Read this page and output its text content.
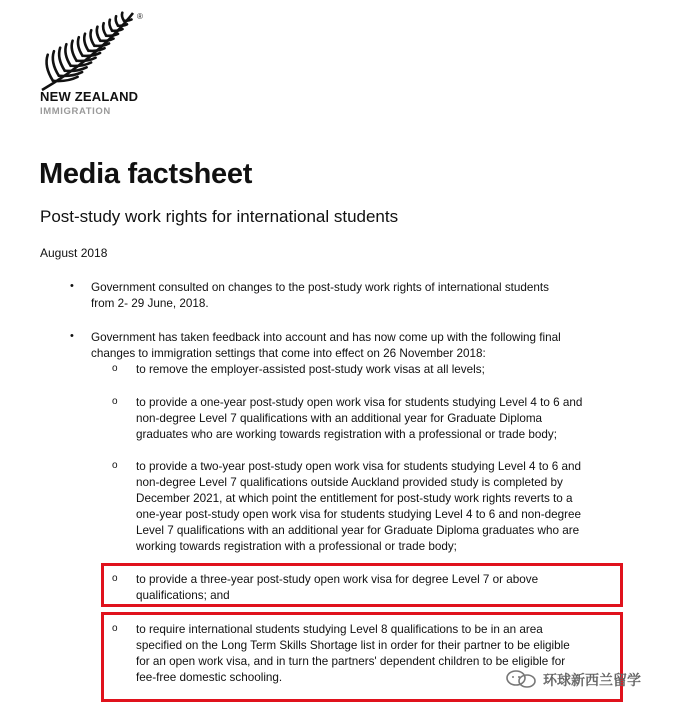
®
NEW ZEALAND
IMMIGRATION
Media factsheet
Post-study work rights for international students
August 2018
• Government consulted on changes to the post-study work rights of international students
from 2- 29 June, 2018.
• Government has taken feedback into account and has now come up with the following final
changes to immigration settings that come into effect on 26 November 2018:
o to remove the employer-assisted post-study work visas at all levels;
o to provide a one-year post-study open work visa for students studying Level 4 to 6 and
non-degree Level 7 qualifications with an additional year for Graduate Diploma
graduates who are working towards registration with a professional or trade body;
o to provide a two-year post-study open work visa for students studying Level 4 to 6 and
non-degree Level 7 qualifications outside Auckland provided study is completed by
December 2021, at which point the entitlement for post-study work rights reverts to a
one-year post-study open work visa for students studying Level 4 to 6 and non-degree
Level 7 qualifications with an additional year for Graduate Diploma graduates who are
working towards registration with a professional or trade body;
o to provide a three-year post-study open work visa for degree Level 7 or above
qualifications; and
o to require international students studying Level 8 qualifications to be in an area
specified on the Long Term Skills Shortage list in order for their partner to be eligible
for an open work visa, and in turn the partners' dependent children to be eligible for
fee-free domestic schooling.	环球新西兰留学
